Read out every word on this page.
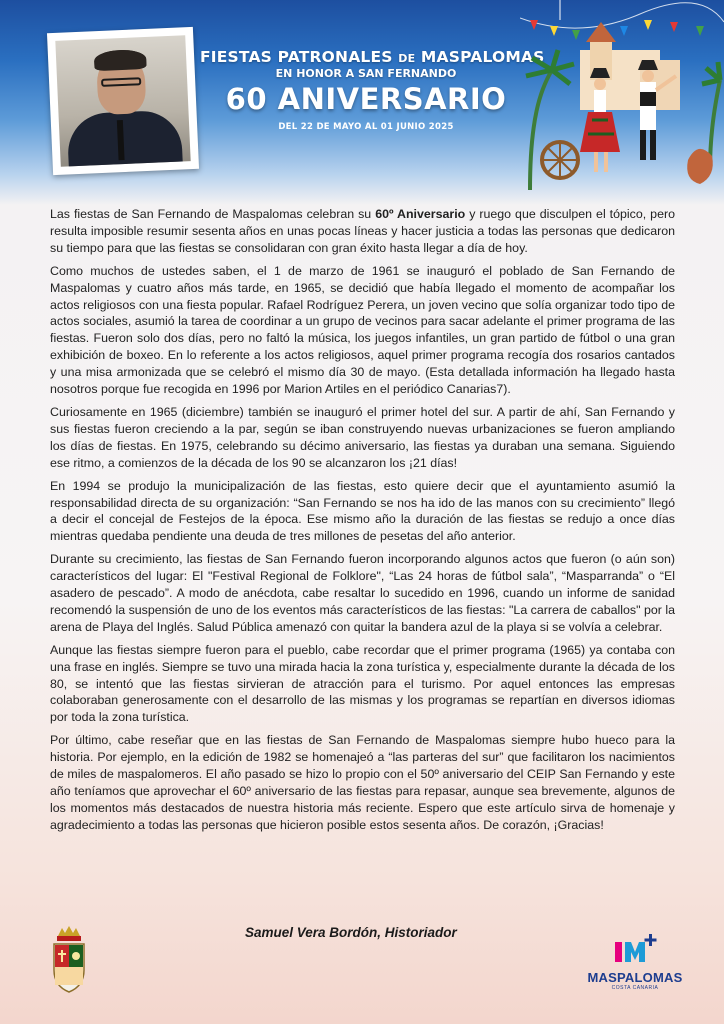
FIESTAS PATRONALES DE MASPALOMAS
EN HONOR A SAN FERNANDO
60 ANIVERSARIO
DEL 22 DE MAYO AL 01 JUNIO 2025

Las fiestas de San Fernando de Maspalomas celebran su 60º Aniversario y ruego que disculpen el tópico, pero resulta imposible resumir sesenta años en unas pocas líneas y hacer justicia a todas las personas que dedicaron su tiempo para que las fiestas se consolidaran con gran éxito hasta llegar a día de hoy.

Como muchos de ustedes saben, el 1 de marzo de 1961 se inauguró el poblado de San Fernando de Maspalomas y cuatro años más tarde, en 1965, se decidió que había llegado el momento de acompañar los actos religiosos con una fiesta popular. Rafael Rodríguez Perera, un joven vecino que solía organizar todo tipo de actos sociales, asumió la tarea de coordinar a un grupo de vecinos para sacar adelante el primer programa de las fiestas. Fueron solo dos días, pero no faltó la música, los juegos infantiles, un gran partido de fútbol o una gran exhibición de boxeo. En lo referente a los actos religiosos, aquel primer programa recogía dos rosarios cantados y una misa armonizada que se celebró el mismo día 30 de mayo. (Esta detallada información ha llegado hasta nosotros porque fue recogida en 1996 por Marion Artiles en el periódico Canarias7).

Curiosamente en 1965 (diciembre) también se inauguró el primer hotel del sur. A partir de ahí, San Fernando y sus fiestas fueron creciendo a la par, según se iban construyendo nuevas urbanizaciones se fueron ampliando los días de fiestas. En 1975, celebrando su décimo aniversario, las fiestas ya duraban una semana. Siguiendo ese ritmo, a comienzos de la década de los 90 se alcanzaron los ¡21 días!

En 1994 se produjo la municipalización de las fiestas, esto quiere decir que el ayuntamiento asumió la responsabilidad directa de su organización: “San Fernando se nos ha ido de las manos con su crecimiento” llegó a decir el concejal de Festejos de la época. Ese mismo año la duración de las fiestas se redujo a once días mientras quedaba pendiente una deuda de tres millones de pesetas del año anterior.

Durante su crecimiento, las fiestas de San Fernando fueron incorporando algunos actos que fueron (o aún son) característicos del lugar: El "Festival Regional de Folklore", “Las 24 horas de fútbol sala”, “Masparranda” o “El asadero de pescado”. A modo de anécdota, cabe resaltar lo sucedido en 1996, cuando un informe de sanidad recomendó la suspensión de uno de los eventos más característicos de las fiestas: "La carrera de caballos" por la arena de Playa del Inglés. Salud Pública amenazó con quitar la bandera azul de la playa si se volvía a celebrar.

Aunque las fiestas siempre fueron para el pueblo, cabe recordar que el primer programa (1965) ya contaba con una frase en inglés. Siempre se tuvo una mirada hacia la zona turística y, especialmente durante la década de los 80, se intentó que las fiestas sirvieran de atracción para el turismo. Por aquel entonces las empresas colaboraban generosamente con el desarrollo de las mismas y los programas se repartían en diversos idiomas por toda la zona turística.

Por último, cabe reseñar que en las fiestas de San Fernando de Maspalomas siempre hubo hueco para la historia. Por ejemplo, en la edición de 1982 se homenajeó a “las parteras del sur” que facilitaron los nacimientos de miles de maspalomeros. El año pasado se hizo lo propio con el 50º aniversario del CEIP San Fernando y este año teníamos que aprovechar el 60º aniversario de las fiestas para repasar, aunque sea brevemente, algunos de los momentos más destacados de nuestra historia más reciente. Espero que este artículo sirva de homenaje y agradecimiento a todas las personas que hicieron posible estos sesenta años. De corazón, ¡Gracias!

Samuel Vera Bordón, Historiador
MASPALOMAS
COSTA CANARIA
